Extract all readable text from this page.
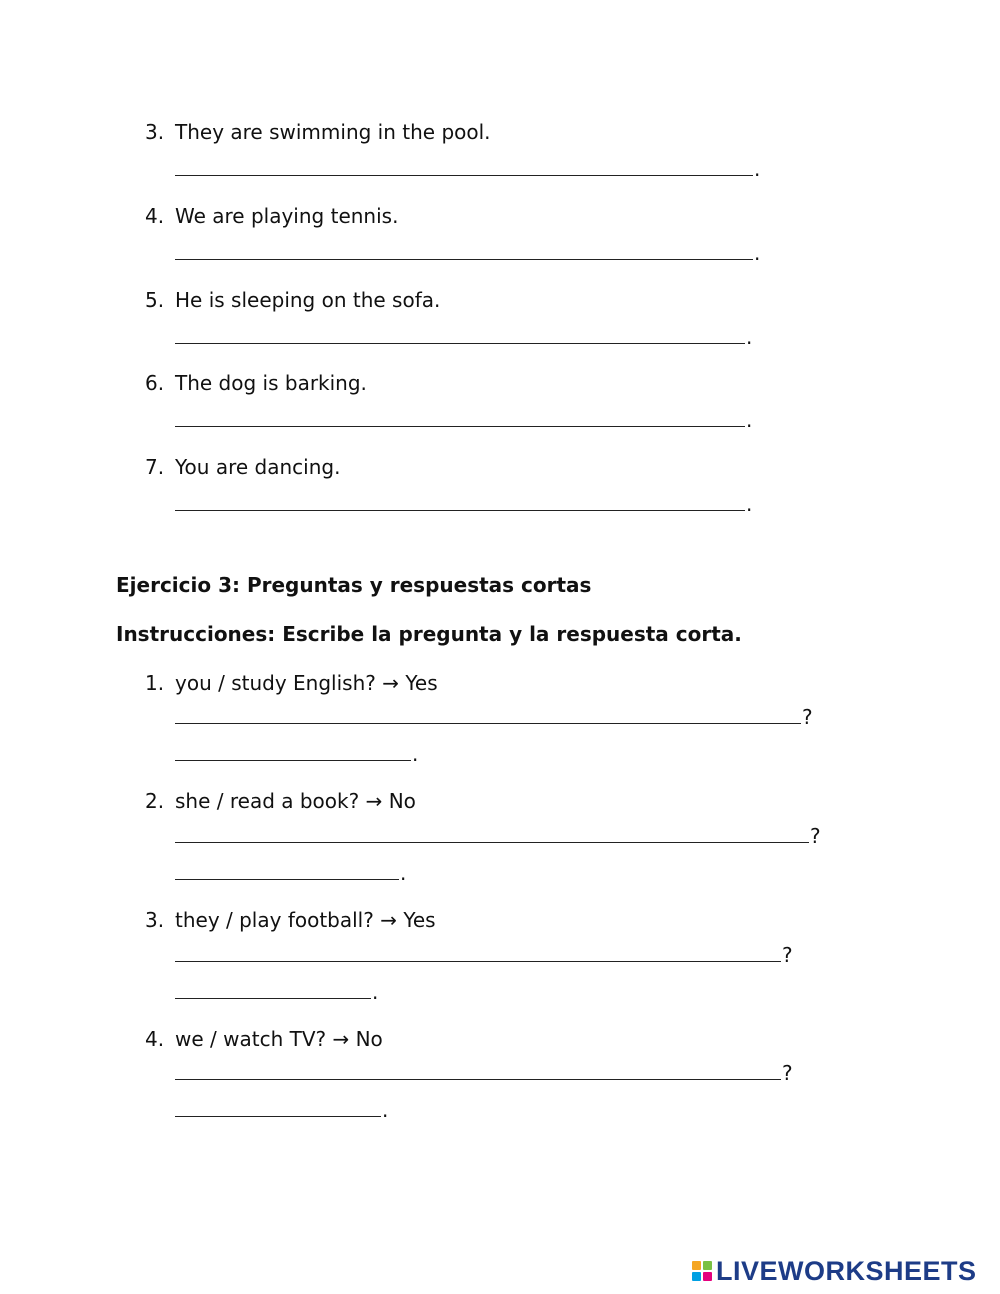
3. They are swimming in the pool.
.
4. We are playing tennis.
.
5. He is sleeping on the sofa.
.
6. The dog is barking.
.
7. You are dancing.
.
Ejercicio 3: Preguntas y respuestas cortas
Instrucciones: Escribe la pregunta y la respuesta corta.
1. you / study English? → Yes
?
.
2. she / read a book? → No
?
.
3. they / play football? → Yes
?
.
4. we / watch TV? → No
?
.
LIVEWORKSHEETS
